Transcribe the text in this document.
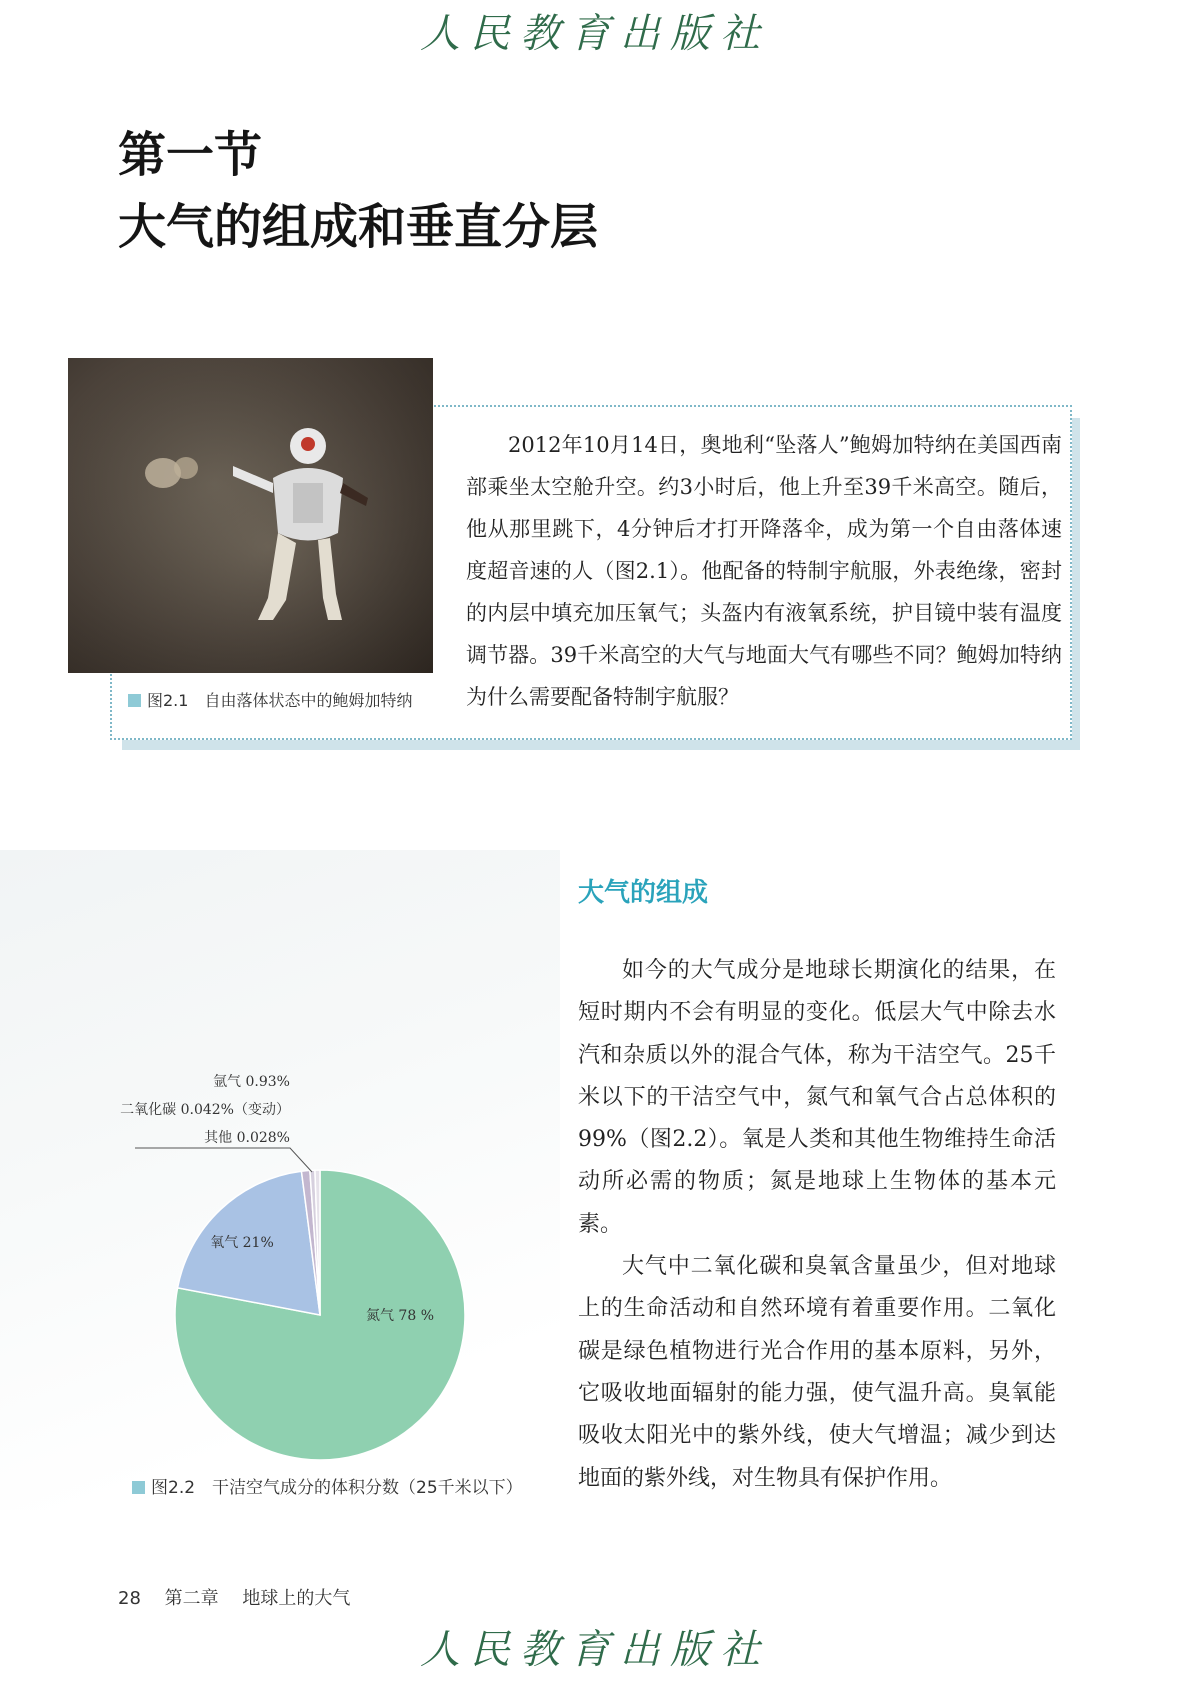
人民教育出版社
第一节
大气的组成和垂直分层
2012年10月14日，奥地利“坠落人”鲍姆加特纳在美国西南部乘坐太空舱升空。约3小时后，他上升至39千米高空。随后，他从那里跳下，4分钟后才打开降落伞，成为第一个自由落体速度超音速的人（图2.1）。他配备的特制宇航服，外表绝缘，密封的内层中填充加压氧气；头盔内有液氧系统，护目镜中装有温度调节器。39千米高空的大气与地面大气有哪些不同？鲍姆加特纳为什么需要配备特制宇航服？
图2.1　自由落体状态中的鲍姆加特纳
大气的组成

如今的大气成分是地球长期演化的结果，在短时期内不会有明显的变化。低层大气中除去水汽和杂质以外的混合气体，称为干洁空气。25千米以下的干洁空气中，氮气和氧气合占总体积的99%（图2.2）。氧是人类和其他生物维持生命活动所必需的物质；氮是地球上生物体的基本元素。

大气中二氧化碳和臭氧含量虽少，但对地球上的生命活动和自然环境有着重要作用。二氧化碳是绿色植物进行光合作用的基本原料，另外，它吸收地面辐射的能力强，使气温升高。臭氧能吸收太阳光中的紫外线，使大气增温；减少到达地面的紫外线，对生物具有保护作用。

氮气 78 %
氧气 21%
氩气 0.93%
二氧化碳 0.042%（变动）
其他 0.028%
图2.2　干洁空气成分的体积分数（25千米以下）
28 第二章 地球上的大气
人民教育出版社
